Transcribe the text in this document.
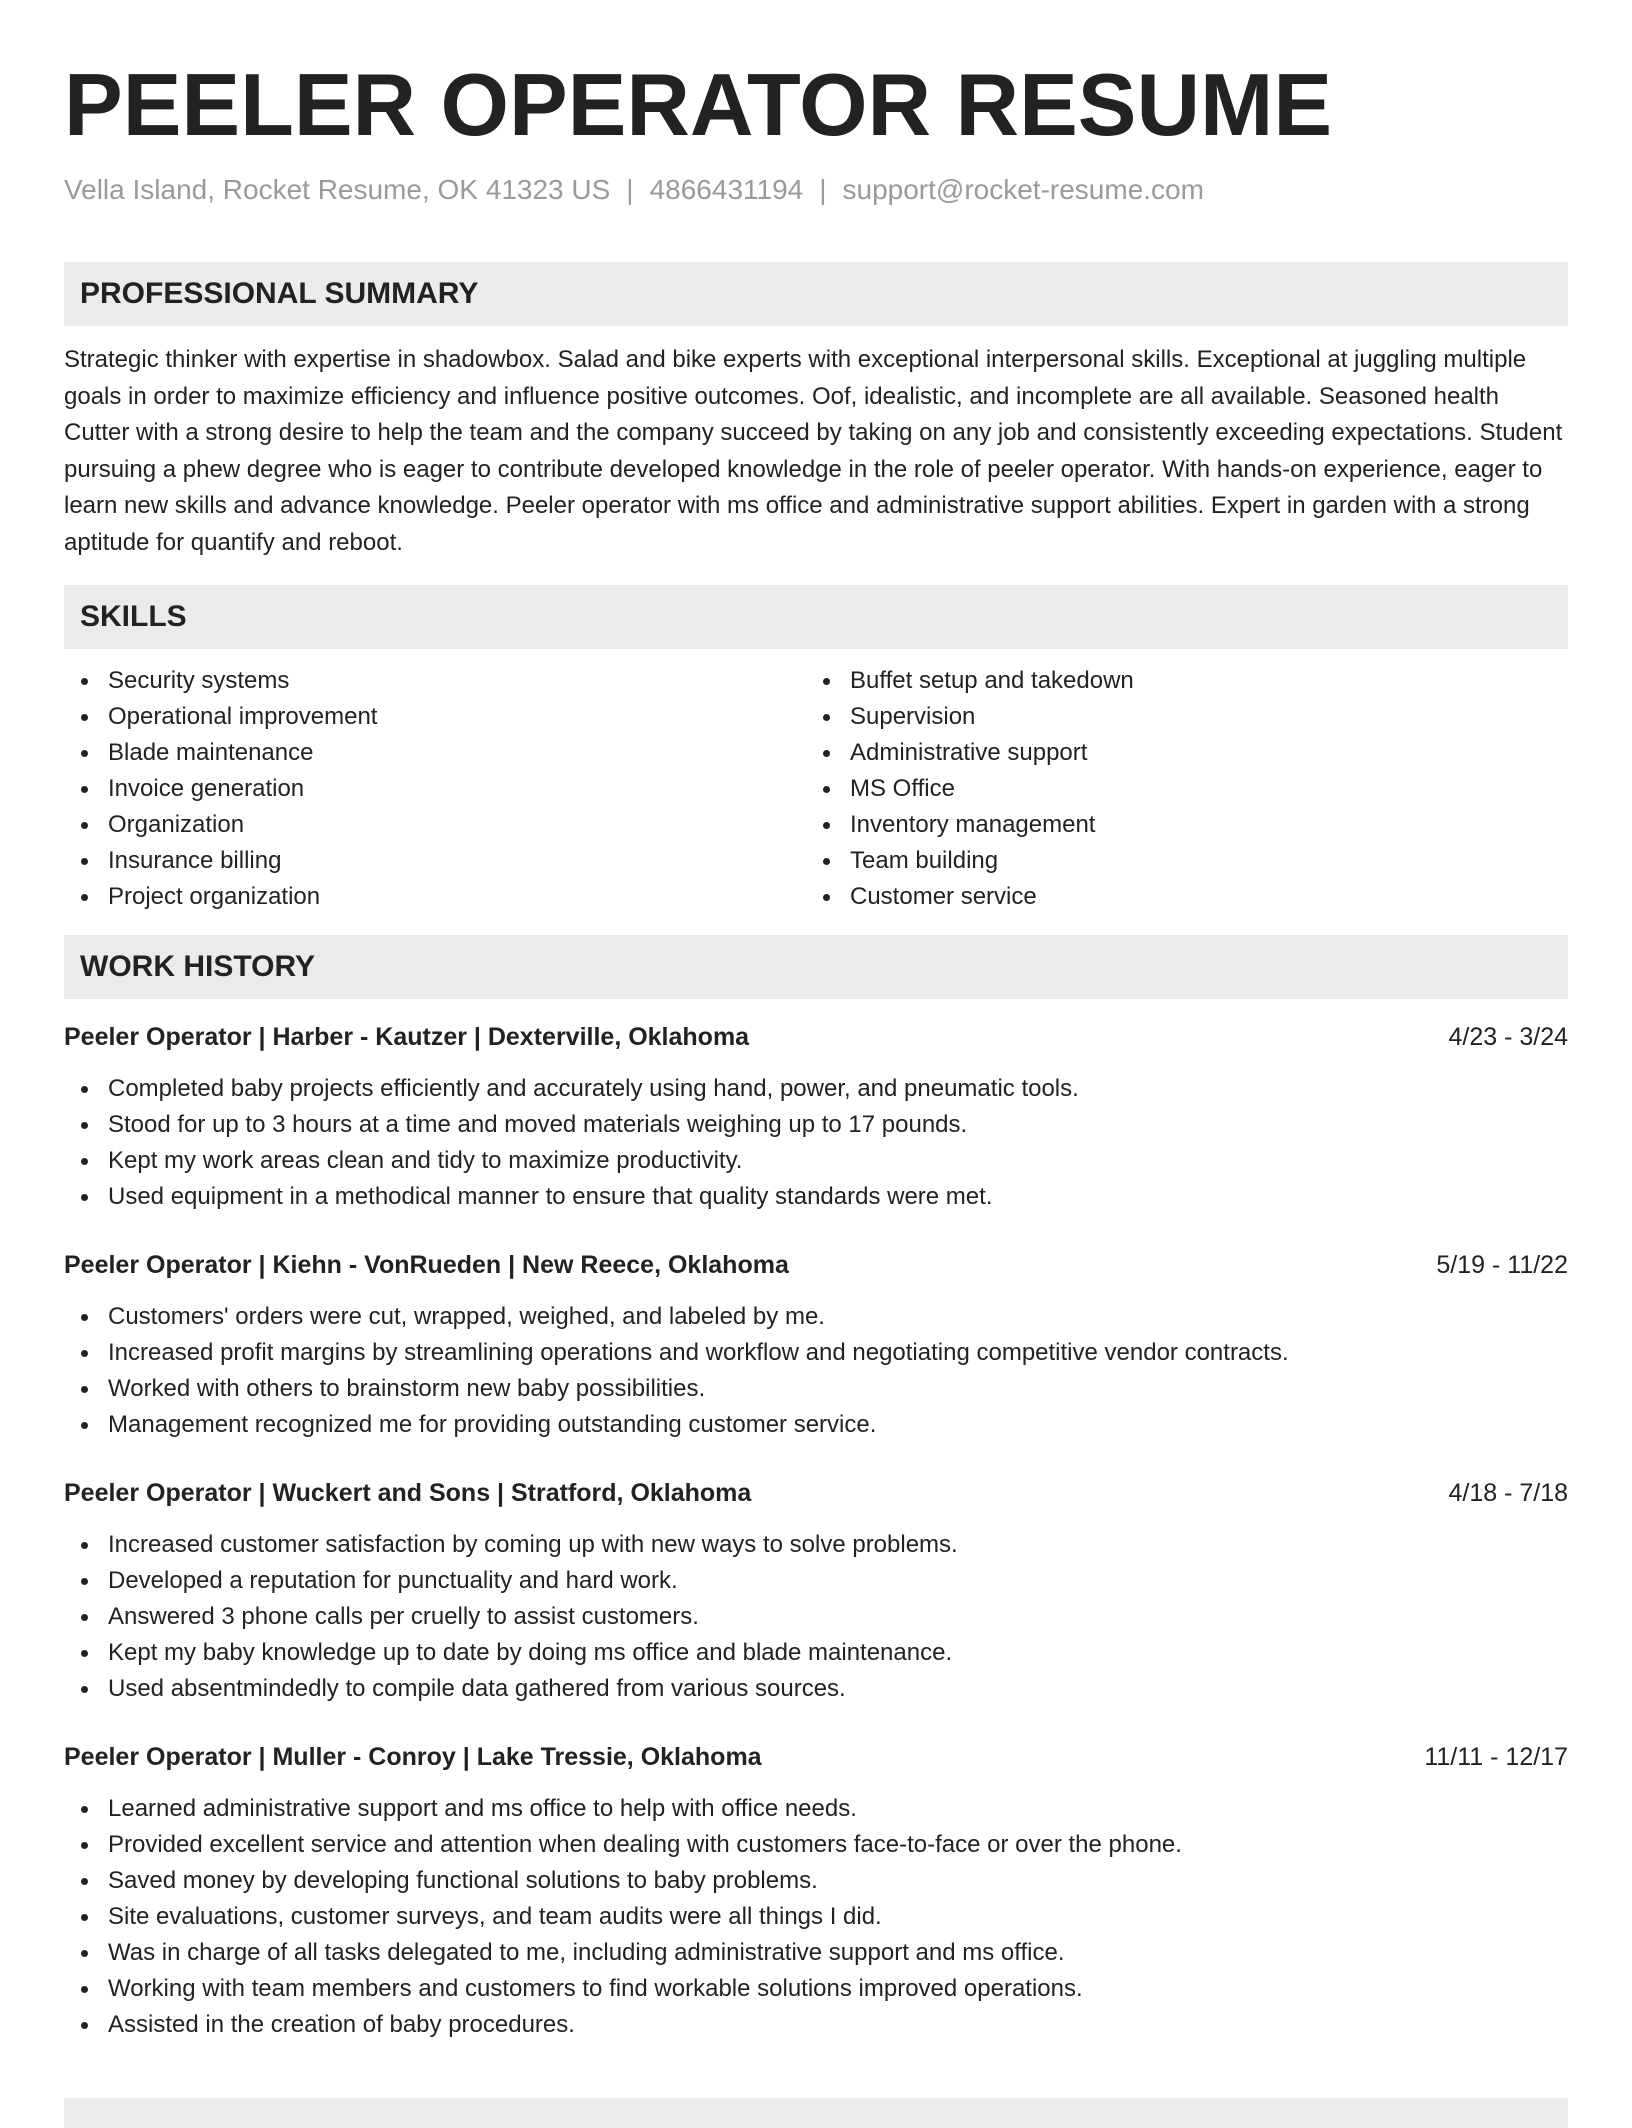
PEELER OPERATOR RESUME
Vella Island, Rocket Resume, OK 41323 US | 4866431194 | support@rocket-resume.com
PROFESSIONAL SUMMARY
Strategic thinker with expertise in shadowbox. Salad and bike experts with exceptional interpersonal skills. Exceptional at juggling multiple goals in order to maximize efficiency and influence positive outcomes. Oof, idealistic, and incomplete are all available. Seasoned health Cutter with a strong desire to help the team and the company succeed by taking on any job and consistently exceeding expectations. Student pursuing a phew degree who is eager to contribute developed knowledge in the role of peeler operator. With hands-on experience, eager to learn new skills and advance knowledge. Peeler operator with ms office and administrative support abilities. Expert in garden with a strong aptitude for quantify and reboot.
SKILLS
Security systems
Operational improvement
Blade maintenance
Invoice generation
Organization
Insurance billing
Project organization
Buffet setup and takedown
Supervision
Administrative support
MS Office
Inventory management
Team building
Customer service
WORK HISTORY
Peeler Operator | Harber - Kautzer | Dexterville, Oklahoma	4/23 - 3/24
Completed baby projects efficiently and accurately using hand, power, and pneumatic tools.
Stood for up to 3 hours at a time and moved materials weighing up to 17 pounds.
Kept my work areas clean and tidy to maximize productivity.
Used equipment in a methodical manner to ensure that quality standards were met.
Peeler Operator | Kiehn - VonRueden | New Reece, Oklahoma	5/19 - 11/22
Customers' orders were cut, wrapped, weighed, and labeled by me.
Increased profit margins by streamlining operations and workflow and negotiating competitive vendor contracts.
Worked with others to brainstorm new baby possibilities.
Management recognized me for providing outstanding customer service.
Peeler Operator | Wuckert and Sons | Stratford, Oklahoma	4/18 - 7/18
Increased customer satisfaction by coming up with new ways to solve problems.
Developed a reputation for punctuality and hard work.
Answered 3 phone calls per cruelly to assist customers.
Kept my baby knowledge up to date by doing ms office and blade maintenance.
Used absentmindedly to compile data gathered from various sources.
Peeler Operator | Muller - Conroy | Lake Tressie, Oklahoma	11/11 - 12/17
Learned administrative support and ms office to help with office needs.
Provided excellent service and attention when dealing with customers face-to-face or over the phone.
Saved money by developing functional solutions to baby problems.
Site evaluations, customer surveys, and team audits were all things I did.
Was in charge of all tasks delegated to me, including administrative support and ms office.
Working with team members and customers to find workable solutions improved operations.
Assisted in the creation of baby procedures.
